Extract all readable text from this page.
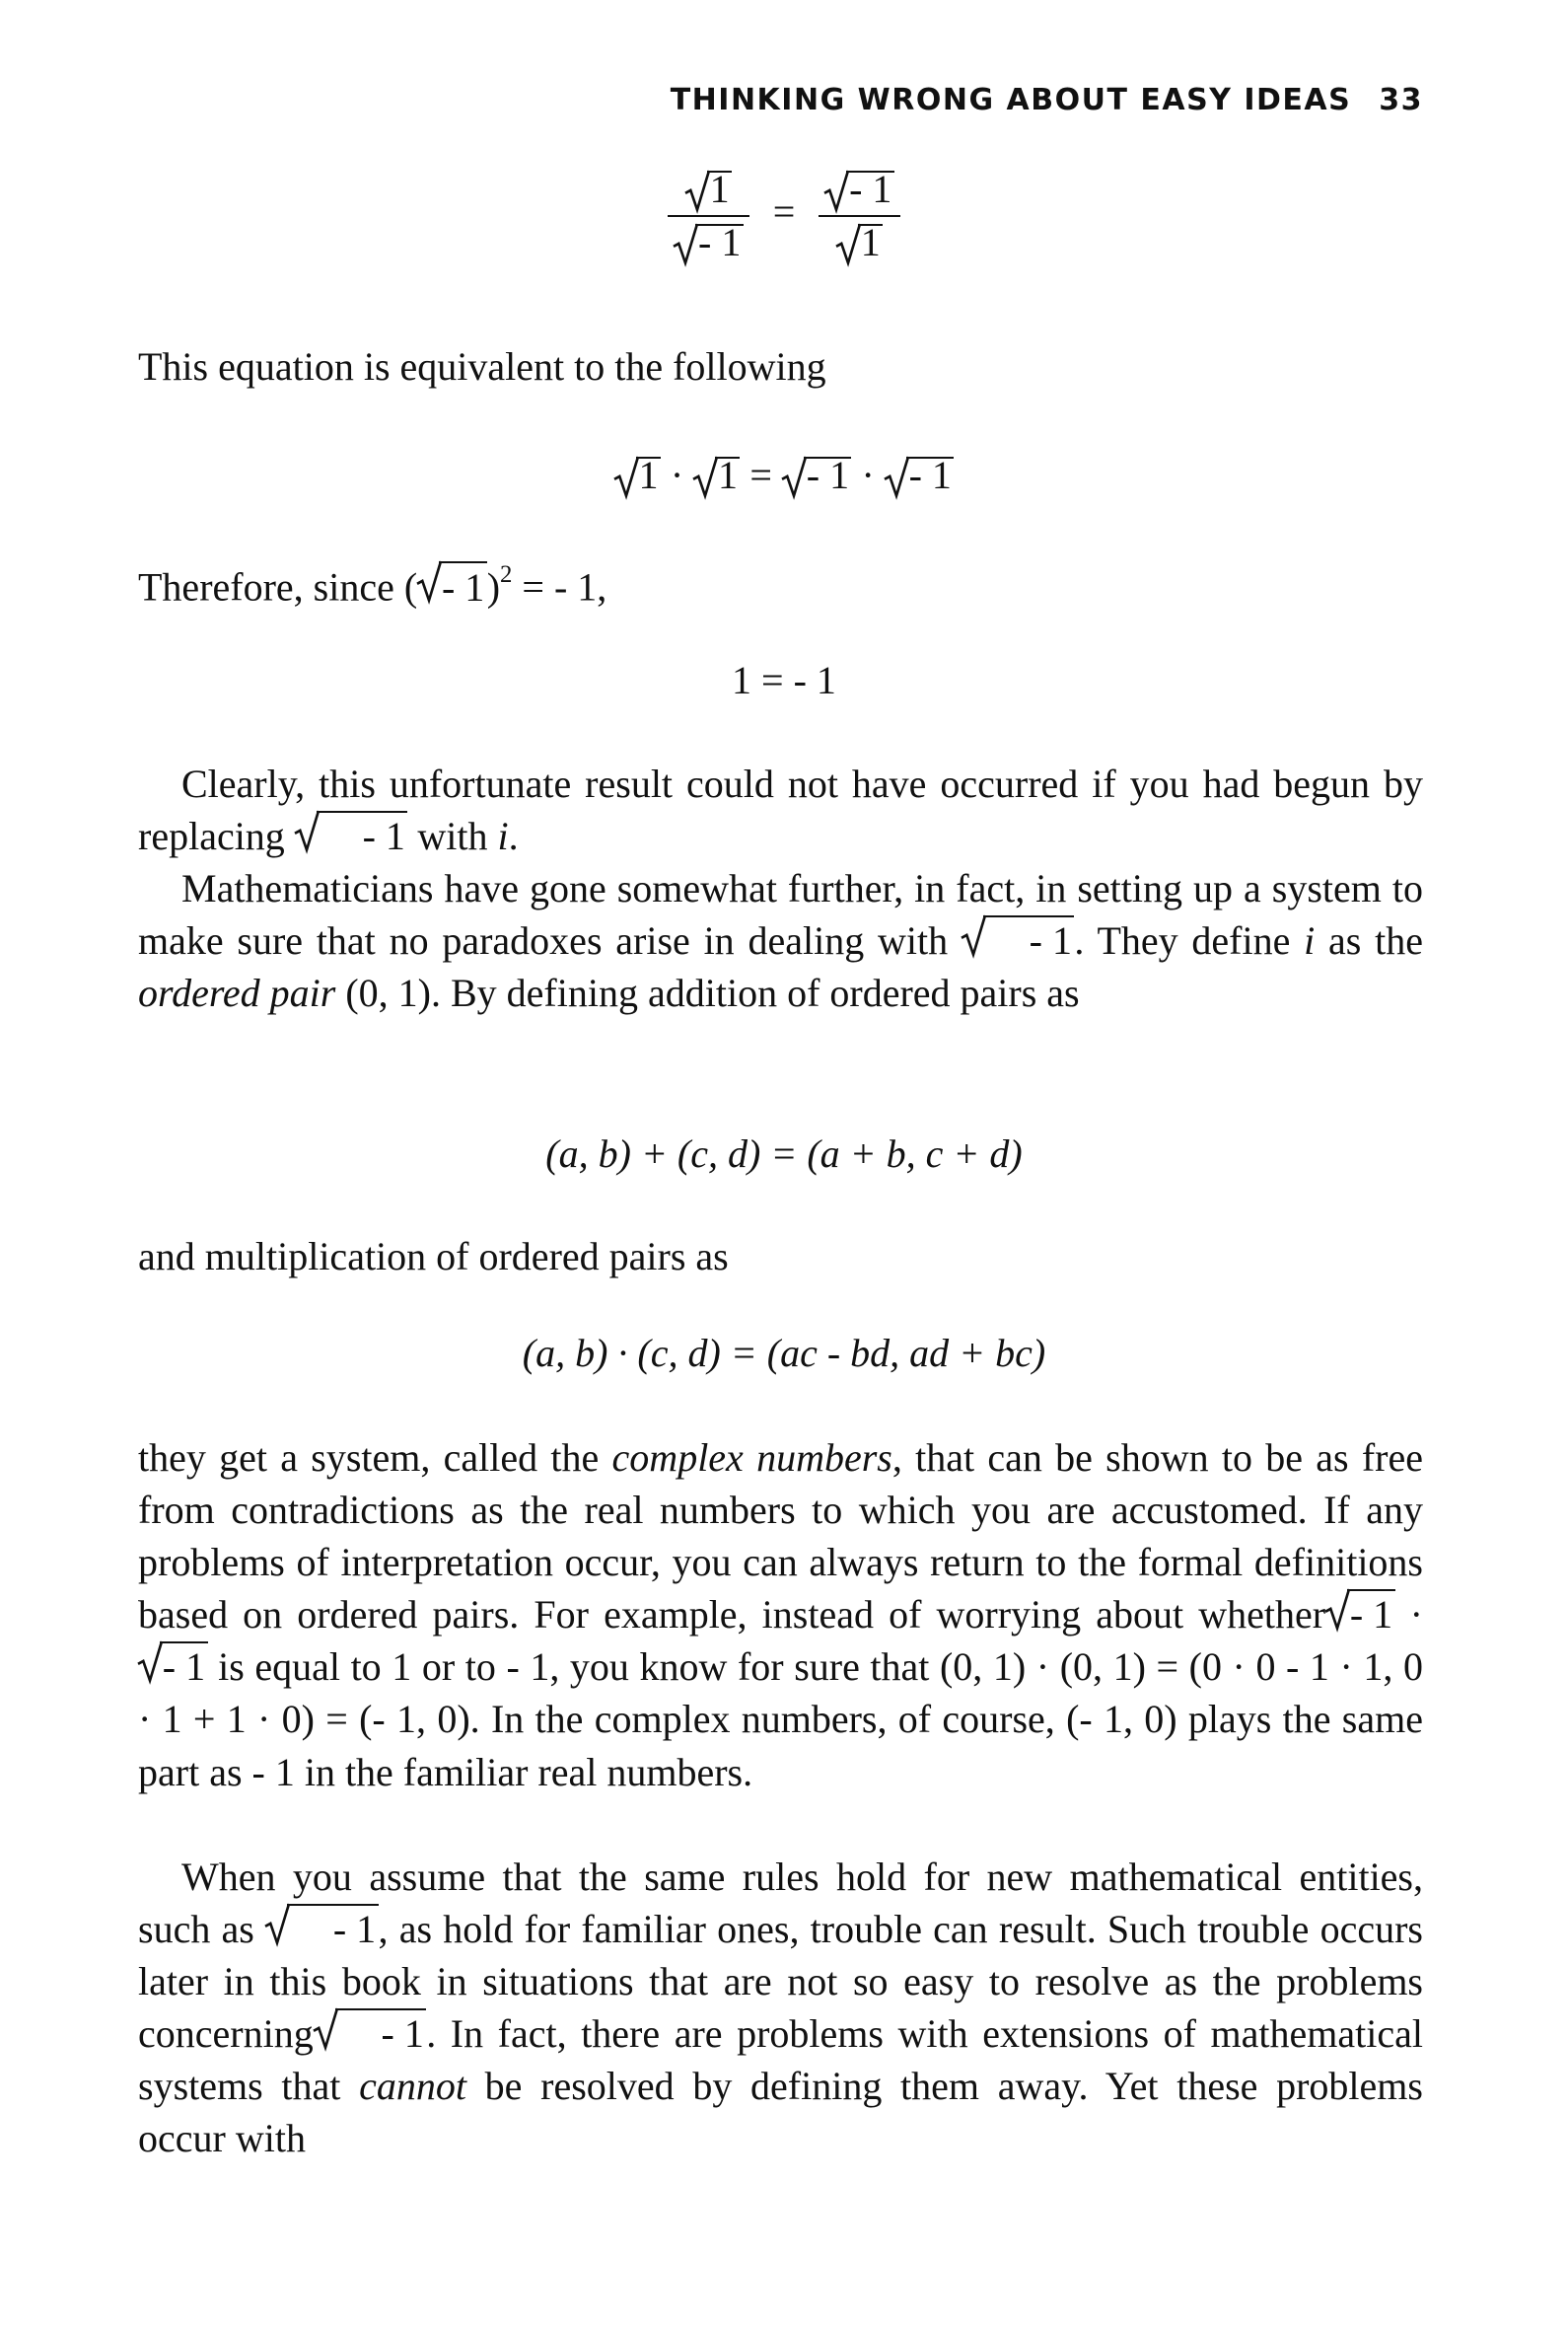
THINKING WRONG ABOUT EASY IDEAS 33
$\frac{1}{- 1} = \frac{- 1}{1}$

This equation is equivalent to the following

1 · 1 = - 1 · - 1

Therefore, since ( - 1)$^2$ = - 1,

1 = - 1

Clearly, this unfortunate result could not have occurred if you had begun by replacing
- 1 with i.

Mathematicians have gone somewhat further, in fact, in setting up a system to make sure that no paradoxes arise in dealing with
- 1. They define i as the ordered pair (0, 1). By defining addition of ordered pairs as

(a, b) + (c, d) = (a + b, c + d)

and multiplication of ordered pairs as

(a, b) · (c, d) = (ac - bd, ad + bc)

they get a system, called the complex numbers, that can be shown to be as free from contradictions as the real numbers to which you are accustomed. If any problems of interpretation occur, you can always return to the formal definitions based on ordered pairs. For example, instead of worrying about whether - 1 ·
- 1 is equal to 1 or to - 1, you know for sure that (0, 1) · (0, 1) = (0 · 0 - 1 · 1, 0 · 1 + 1 · 0) = (- 1, 0). In the complex numbers, of course, (- 1, 0) plays the same part as - 1 in the familiar real numbers.

When you assume that the same rules hold for new mathematical entities, such as
- 1, as hold for familiar ones, trouble can result. Such trouble occurs later in this book in situations that are not so easy to resolve as the problems concerning - 1. In fact, there are problems with extensions of mathematical systems that cannot be resolved by defining them away. Yet these problems occur with
